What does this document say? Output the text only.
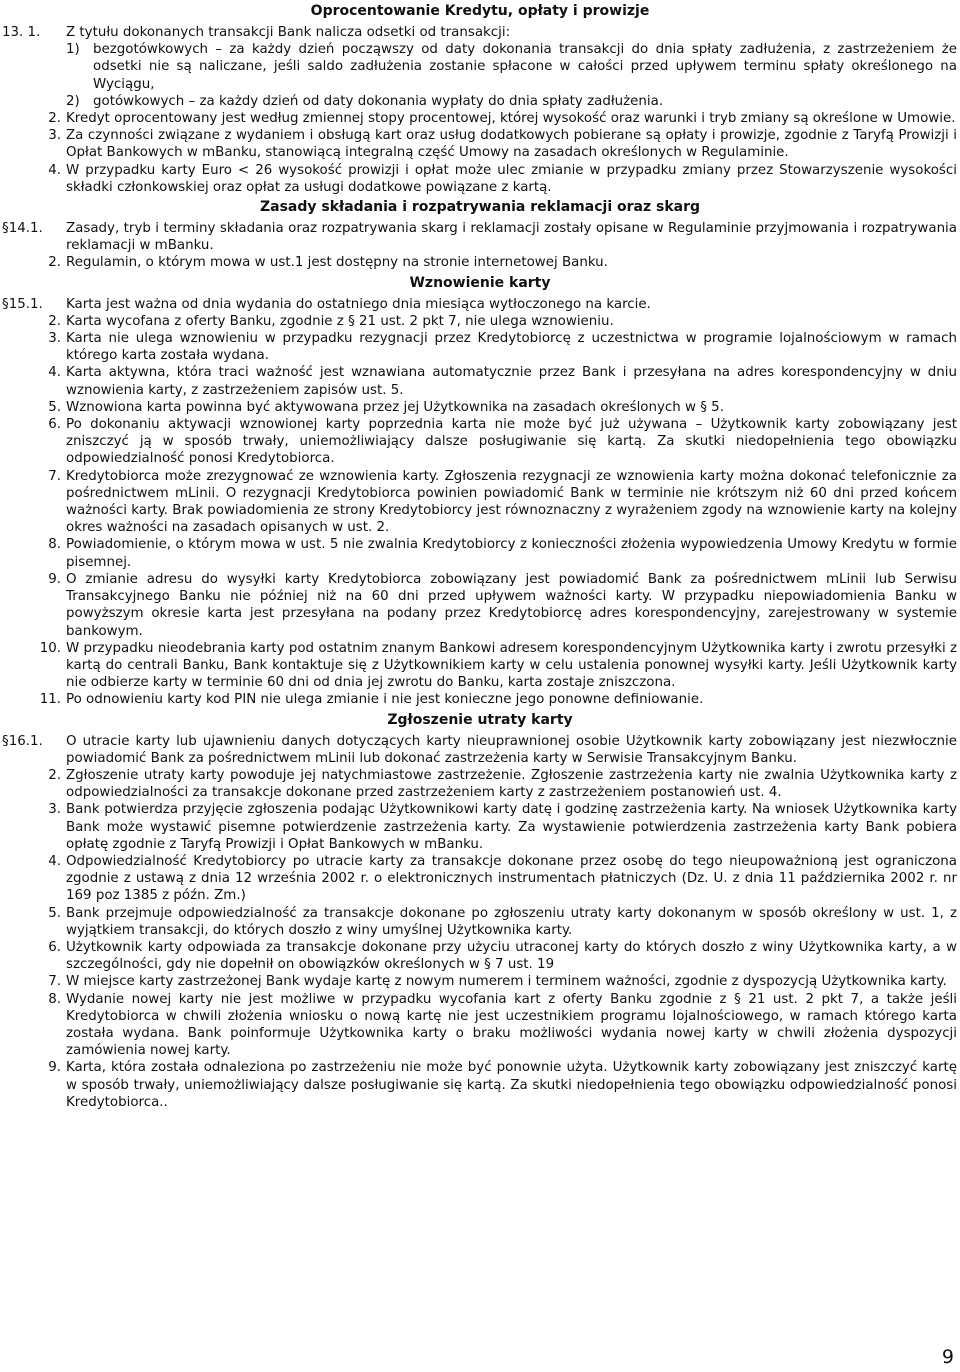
Oprocentowanie Kredytu, opłaty i prowizje
13. 1.	Z tytułu dokonanych transakcji Bank nalicza odsetki od transakcji:
1) bezgotówkowych – za każdy dzień począwszy od daty dokonania transakcji do dnia spłaty zadłużenia, z zastrzeżeniem że odsetki nie są naliczane, jeśli saldo zadłużenia zostanie spłacone w całości przed upływem terminu spłaty określonego na Wyciągu,
2) gotówkowych – za każdy dzień od daty dokonania wypłaty do dnia spłaty zadłużenia.
2. Kredyt oprocentowany jest według zmiennej stopy procentowej, której wysokość oraz warunki i tryb zmiany są określone w Umowie.
3. Za czynności związane z wydaniem i obsługą kart oraz usług dodatkowych pobierane są opłaty i prowizje, zgodnie z Taryfą Prowizji i Opłat Bankowych w mBanku, stanowiącą integralną część Umowy na zasadach określonych w Regulaminie.
4. W przypadku karty Euro < 26 wysokość prowizji i opłat może ulec zmianie w przypadku zmiany przez Stowarzyszenie wysokości składki członkowskiej oraz opłat za usługi dodatkowe powiązane z kartą.
Zasady składania i rozpatrywania reklamacji oraz skarg
§14.1.	Zasady, tryb i terminy składania oraz rozpatrywania skarg i reklamacji zostały opisane w Regulaminie przyjmowania i rozpatrywania reklamacji w mBanku.
2. Regulamin, o którym mowa w ust.1 jest dostępny na stronie internetowej Banku.
Wznowienie karty
§15.1.	Karta jest ważna od dnia wydania do ostatniego dnia miesiąca wytłoczonego na karcie.
2. Karta wycofana z oferty Banku, zgodnie z § 21 ust. 2 pkt 7, nie ulega wznowieniu.
3. Karta nie ulega wznowieniu w przypadku rezygnacji przez Kredytobiorcę z uczestnictwa w programie lojalnościowym w ramach którego karta została wydana.
4. Karta aktywna, która traci ważność jest wznawiana automatycznie przez Bank i przesyłana na adres korespondencyjny w dniu wznowienia karty, z zastrzeżeniem zapisów ust. 5.
5. Wznowiona karta powinna być aktywowana przez jej Użytkownika na zasadach określonych w § 5.
6. Po dokonaniu aktywacji wznowionej karty poprzednia karta nie może być już używana – Użytkownik karty zobowiązany jest zniszczyć ją w sposób trwały, uniemożliwiający dalsze posługiwanie się kartą. Za skutki niedopełnienia tego obowiązku odpowiedzialność ponosi Kredytobiorca.
7. Kredytobiorca może zrezygnować ze wznowienia karty. Zgłoszenia rezygnacji ze wznowienia karty można dokonać telefonicznie za pośrednictwem mLinii. O rezygnacji Kredytobiorca powinien powiadomić Bank w terminie nie krótszym niż 60 dni przed końcem ważności karty. Brak powiadomienia ze strony Kredytobiorcy jest równoznaczny z wyrażeniem zgody na wznowienie karty na kolejny okres ważności na zasadach opisanych w ust. 2.
8. Powiadomienie, o którym mowa w ust. 5 nie zwalnia Kredytobiorcy z konieczności złożenia wypowiedzenia Umowy Kredytu w formie pisemnej.
9. O zmianie adresu do wysyłki karty Kredytobiorca zobowiązany jest powiadomić Bank za pośrednictwem mLinii lub Serwisu Transakcyjnego Banku nie później niż na 60 dni przed upływem ważności karty. W przypadku niepowiadomienia Banku w powyższym okresie karta jest przesyłana na podany przez Kredytobiorcę adres korespondencyjny, zarejestrowany w systemie bankowym.
10. W przypadku nieodebrania karty pod ostatnim znanym Bankowi adresem korespondencyjnym Użytkownika karty i zwrotu przesyłki z kartą do centrali Banku, Bank kontaktuje się z Użytkownikiem karty w celu ustalenia ponownej wysyłki karty. Jeśli Użytkownik karty nie odbierze karty w terminie 60 dni od dnia jej zwrotu do Banku, karta zostaje zniszczona.
11. Po odnowieniu karty kod PIN nie ulega zmianie i nie jest konieczne jego ponowne definiowanie.
Zgłoszenie utraty karty
§16.1.	O utracie karty lub ujawnieniu danych dotyczących karty nieuprawnionej osobie Użytkownik karty zobowiązany jest niezwłocznie powiadomić Bank za pośrednictwem mLinii lub dokonać zastrzeżenia karty w Serwisie Transakcyjnym Banku.
2. Zgłoszenie utraty karty powoduje jej natychmiastowe zastrzeżenie. Zgłoszenie zastrzeżenia karty nie zwalnia Użytkownika karty z odpowiedzialności za transakcje dokonane przed zastrzeżeniem karty z zastrzeżeniem postanowień ust. 4.
3. Bank potwierdza przyjęcie zgłoszenia podając Użytkownikowi karty datę i godzinę zastrzeżenia karty. Na wniosek Użytkownika karty Bank może wystawić pisemne potwierdzenie zastrzeżenia karty. Za wystawienie potwierdzenia zastrzeżenia karty Bank pobiera opłatę zgodnie z Taryfą Prowizji i Opłat Bankowych w mBanku.
4. Odpowiedzialność Kredytobiorcy po utracie karty za transakcje dokonane przez osobę do tego nieupoważnioną jest ograniczona zgodnie z ustawą z dnia 12 września 2002 r. o elektronicznych instrumentach płatniczych (Dz. U. z dnia 11 października 2002 r. nr 169 poz 1385 z późn. Zm.)
5. Bank przejmuje odpowiedzialność za transakcje dokonane po zgłoszeniu utraty karty dokonanym w sposób określony w ust. 1, z wyjątkiem transakcji, do których doszło z winy umyślnej Użytkownika karty.
6. Użytkownik karty odpowiada za transakcje dokonane przy użyciu utraconej karty do których doszło z winy Użytkownika karty, a w szczególności, gdy nie dopełnił on obowiązków określonych w § 7 ust. 19
7. W miejsce karty zastrzeżonej Bank wydaje kartę z nowym numerem i terminem ważności, zgodnie z dyspozycją Użytkownika karty.
8. Wydanie nowej karty nie jest możliwe w przypadku wycofania kart z oferty Banku zgodnie z § 21 ust. 2 pkt 7, a także jeśli Kredytobiorca w chwili złożenia wniosku o nową kartę nie jest uczestnikiem programu lojalnościowego, w ramach którego karta została wydana. Bank poinformuje Użytkownika karty o braku możliwości wydania nowej karty w chwili złożenia dyspozycji zamówienia nowej karty.
9. Karta, która została odnaleziona po zastrzeżeniu nie może być ponownie użyta. Użytkownik karty zobowiązany jest zniszczyć kartę w sposób trwały, uniemożliwiający dalsze posługiwanie się kartą. Za skutki niedopełnienia tego obowiązku odpowiedzialność ponosi Kredytobiorca..
9
